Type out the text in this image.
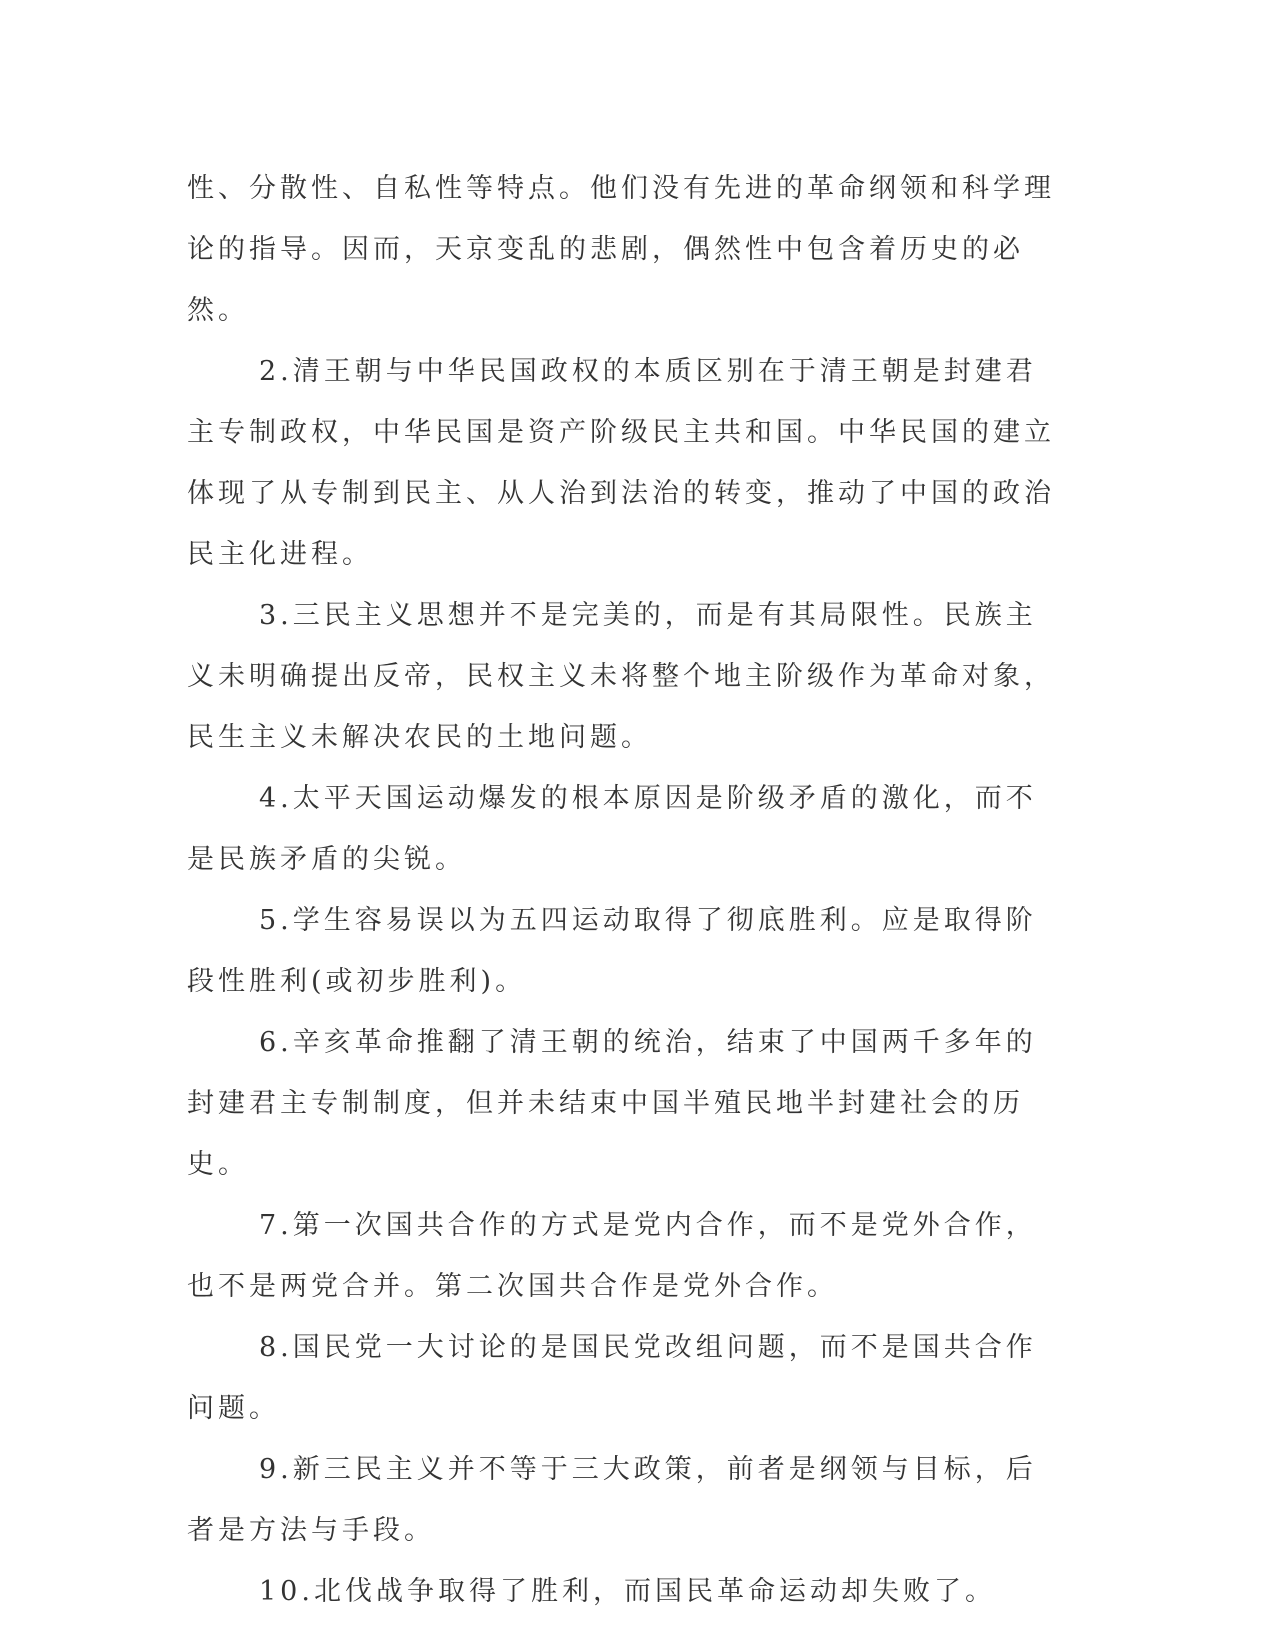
性、分散性、自私性等特点。他们没有先进的革命纲领和科学理论的指导。因而，天京变乱的悲剧，偶然性中包含着历史的必然。

2.清王朝与中华民国政权的本质区别在于清王朝是封建君主专制政权，中华民国是资产阶级民主共和国。中华民国的建立体现了从专制到民主、从人治到法治的转变，推动了中国的政治民主化进程。

3.三民主义思想并不是完美的，而是有其局限性。民族主义未明确提出反帝，民权主义未将整个地主阶级作为革命对象，民生主义未解决农民的土地问题。

4.太平天国运动爆发的根本原因是阶级矛盾的激化，而不是民族矛盾的尖锐。

5.学生容易误以为五四运动取得了彻底胜利。应是取得阶段性胜利(或初步胜利)。

6.辛亥革命推翻了清王朝的统治，结束了中国两千多年的封建君主专制制度，但并未结束中国半殖民地半封建社会的历史。

7.第一次国共合作的方式是党内合作，而不是党外合作，也不是两党合并。第二次国共合作是党外合作。

8.国民党一大讨论的是国民党改组问题，而不是国共合作问题。

9.新三民主义并不等于三大政策，前者是纲领与目标，后者是方法与手段。

10.北伐战争取得了胜利，而国民革命运动却失败了。
